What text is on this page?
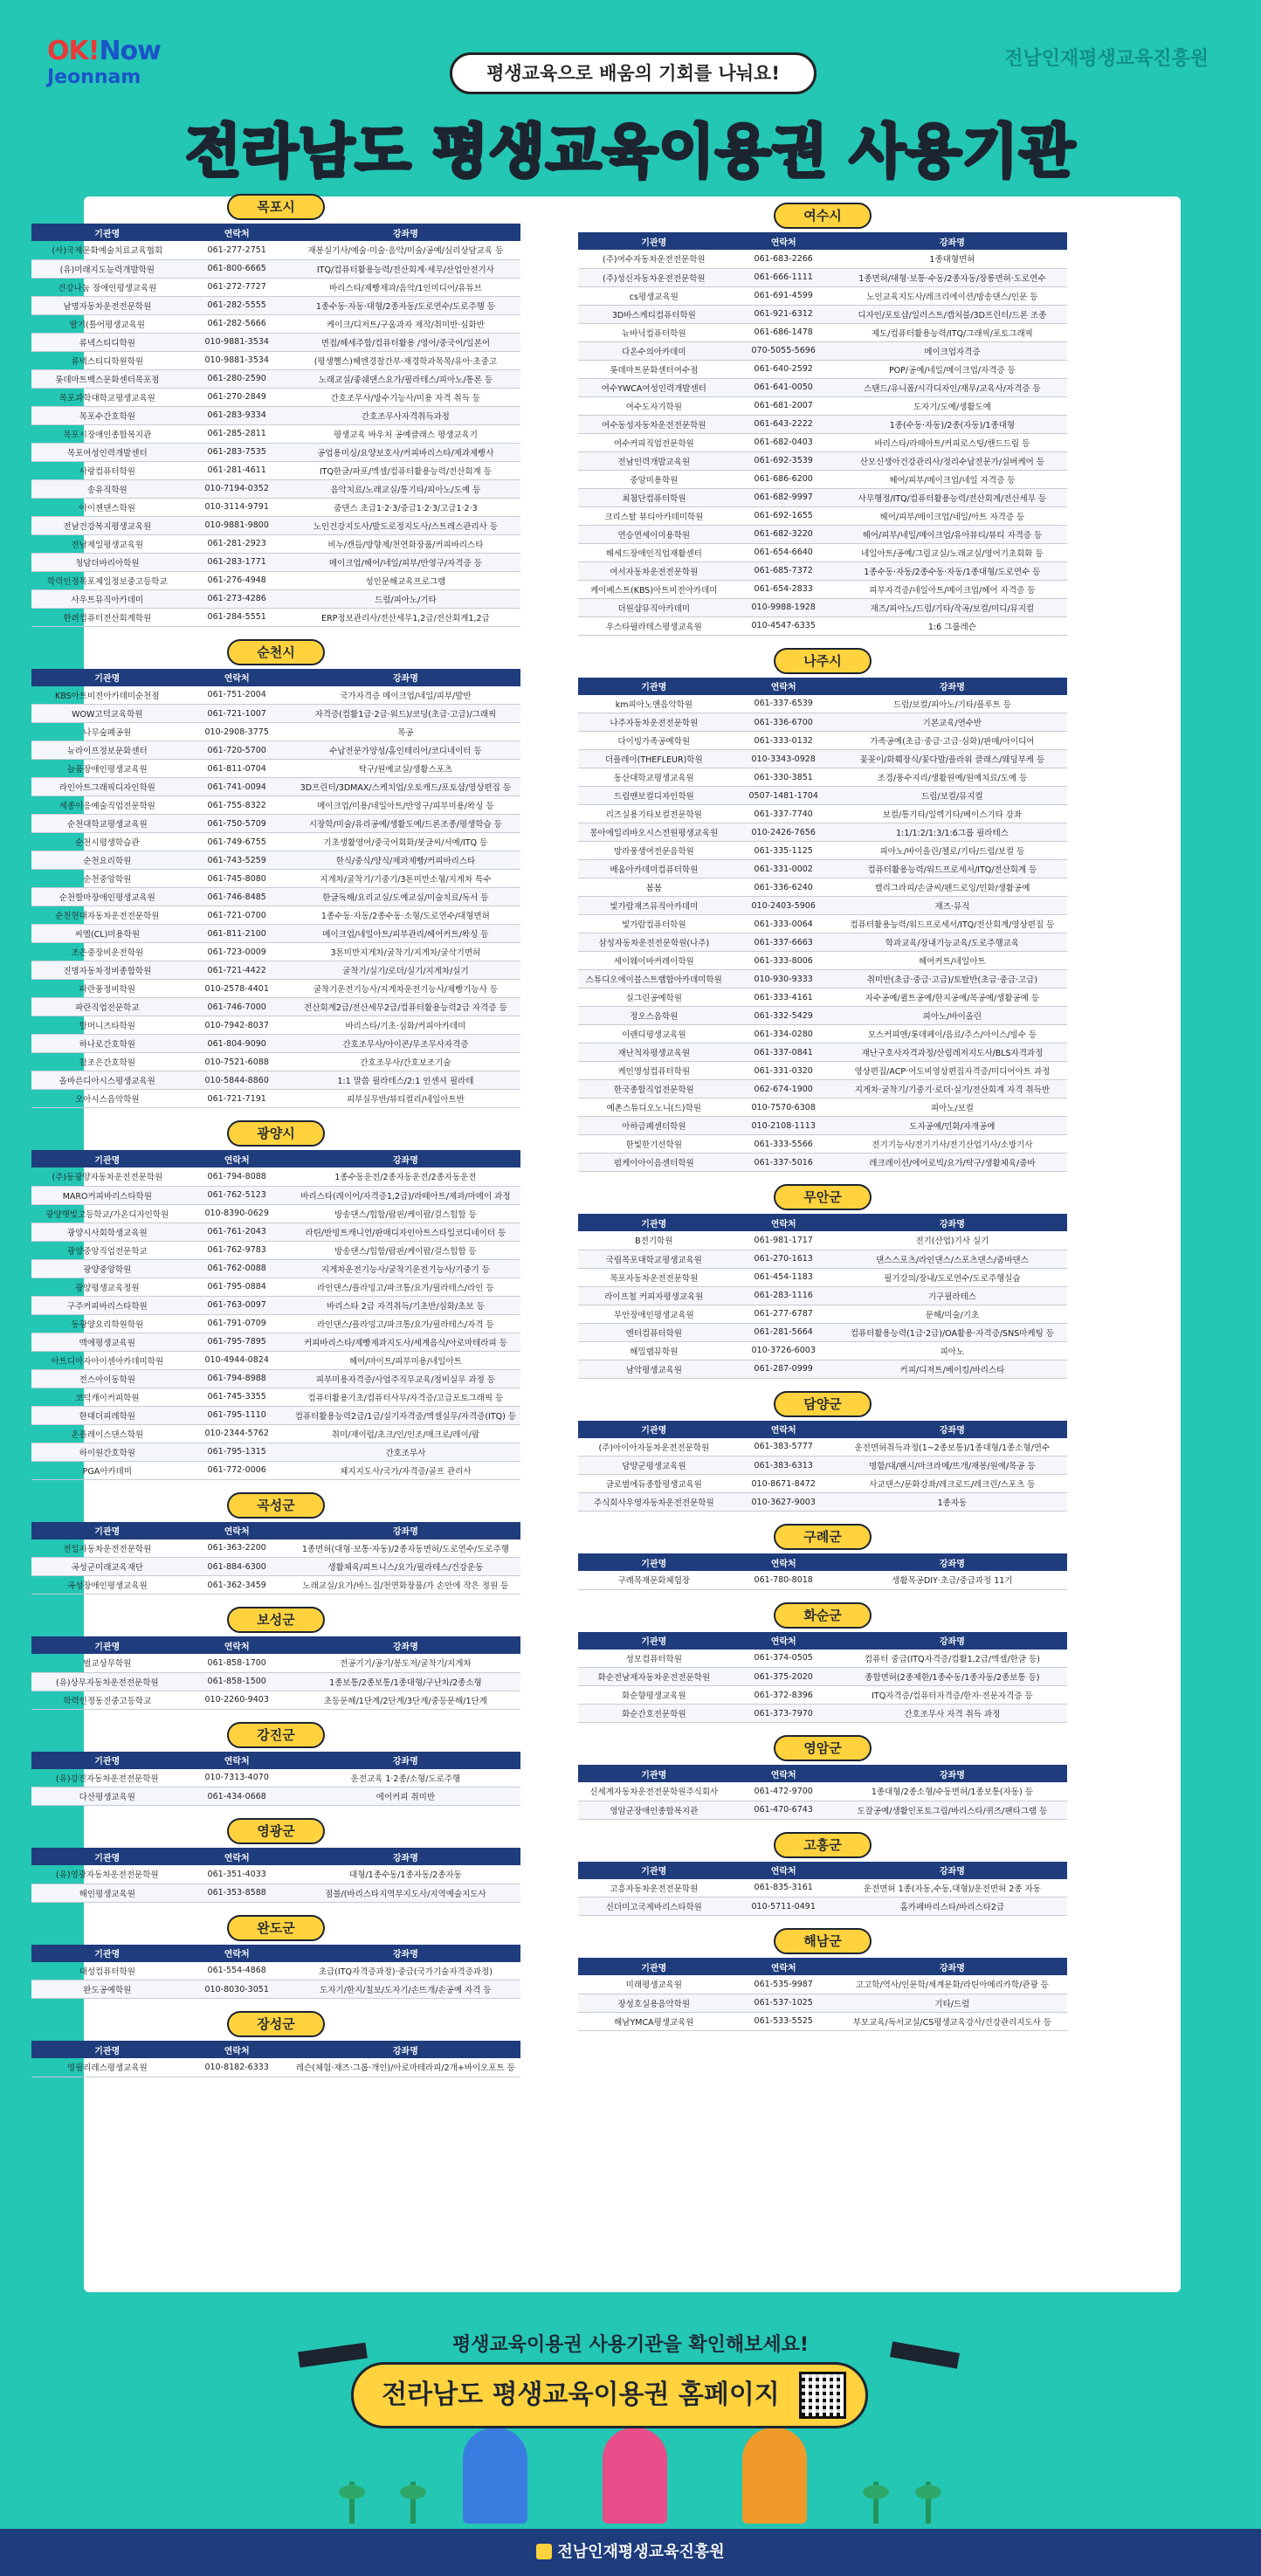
OK!Now
Jeonnam
전남인재평생교육진흥원
평생교육으로 배움의 기회를 나눠요!
전라남도 평생교육이용권 사용기관
목포시
기관명	연락처	강좌명
(사)국제문화예술치료교육협회	061-277-2751	재봉실기사/예술·미술·음악/미술/공예/심리상담교육 등
(유)미래지도능력개발학원	061-800-6665	ITQ/컴퓨터활용능력/전산회계·세무/산업안전기사
건강나눔 장애인평생교육원	061-272-7727	바리스타/제빵제과/음악/1인미디어/유튜브
남명자동차운전전문학원	061-282-5555	1종수동·자동·대형/2종자동/도로연수/도로주행 등
딸기(틀어평생교육원	061-282-5666	케이크/디저트/구움과자 제작/취미반·심화반
류넥스티디학원	010-9881-3534	면접/헤세주합/컴퓨터활용 /영어/중국어/일본어
류넥스티디학원학원	010-9881-3534	(평생헬스)헤엔경찰간부·재경학과목목/유아·초중고
롯데마트백스문화센터목포점	061-280-2590	노래교실/좋쉐댄스요가/필라테스/피아노/통론 등
목포과학대학교평생교육원	061-270-2849	간호조무사/방수기능사/미용 자격 취득 등
목포수간호학원	061-283-9334	간호조무사자격취득과정
목포시장애인종합복지관	061-285-2811	평생교육 바우처 공예클래스 평생교육기
목포여성인력개발센터	061-283-7535	공업용미싱/요양보호사/커피바리스타/제과제빵사
사랑컴퓨터학원	061-281-4611	ITQ한글/파포/엑셀/컴퓨터활용능력/전산회계 등
송유직학원	010-7194-0352	음악치료/노래교실/통기타/피아노/도예 등
아이젠댄스학원	010-3114-9791	줌댄스 초급1·2·3/중급1·2·3/고급1·2·3
전남건강복지평생교육원	010-9881-9800	노인건강지도사/발도로정지도사/스트레스관리사 등
전남제일평생교육원	061-281-2923	비누/캔들/방향제/천연화장품/커피바리스타
청담더바리아학원	061-283-1771	메이크업/헤어/네일/피부/반영구/자격증 등
학력인정목포제일정보중고등학교	061-276-4948	성인문해교육프로그램
사우트뮤직아카데미	061-273-4286	드럼/피아노/기타
한려컴퓨터전산회계학원	061-284-5551	ERP정보관리사/전산세무1,2급/전산회계1,2급
순천시
기관명	연락처	강좌명
KBS아트비전아카데미순천점	061-751-2004	국가자격증 메이크업/네일/피부/발반
WOW고덕교육학원	061-721-1007	자격증(컴활1급·2급·워드)/코딩(초급·고급)/그래픽
나무숲폐공원	010-2908-3775	목공
뉴라이프정보문화센터	061-720-5700	수납전문가양성/홈인테리어/코디네이터 등
늘품장애인평생교육원	061-811-0704	탁구/원예교실/생활스포츠
라인아트그래픽디자인학원	061-741-0094	3D프린터/3DMAX/스케치업/오토캐드/포토샵/영상편집 등
세종이응예술직업전문학원	061-755-8322	메이크업/미용/네일아트/반영구/피부미용/왁싱 등
순천대학교평생교육원	061-750-5709	시장학/미술/유리공예/생활도예/드론조종/평생학습 등
순천시평생학습관	061-749-6755	기초생활영어/중국어회화/붓글씨/서예/ITQ 등
순천요리학원	061-743-5259	한식/중식/양식/제과제빵/커피바리스타
순천중앙학원	061-745-8080	지게차/굴착기/기중기/3톤미만소형/지게차 특수
순천할마장애인평생교육원	061-746-8485	한글독해/요리교실/도예교실/미술치료/독서 등
순천현대자동차운전전문학원	061-721-0700	1종수동·자동/2종수동·소형/도로연수/대형면허
씨엘(CL)미용학원	061-811-2100	메이크업/네일아트/피부관리/헤어커트/왁싱 등
조은중장비운전학원	061-723-0009	3톤미만지게차/굴착기/지게차/굴삭기면허
진명자동차정비종합학원	061-721-4422	굴착기/실기/로더/실기/지게차/실기
파란풍정비학원	010-2578-4401	굴착기운전기능사/지게차운전기능사/제빵기능사 등
파란직업전문학교	061-746-7000	전산회계2급/전산세무2급/컴퓨터활용능력2급 자격증 등
할머니즈타학원	010-7942-8037	바리스타/기초·심화/커피아카데미
하나로간호학원	061-804-9090	간호조무사/아이콘/무조무사자격증
참조은간호학원	010-7521-6088	간호조무사/간호보조기술
올바른디아시스평생교육원	010-5844-8860	1:1 말씀 필라테스/2:1 인센셔 필라테
오아시스음악학원	061-721-7191	피부실무반/뷰티컬리/네일아트반
광양시
기관명	연락처	강좌명
(주)동광양자동차운전전문학원	061-794-8088	1종수동운전/2종자동운전/2종자동운전
MARO커피바리스타학원	061-762-5123	바리스타(레이어/자격증1,2급)/라떼아트/제과/마메이 과정
광양햇빛고등학교/가온디자인학원	010-8390-0629	방송댄스/힙합/팝핀/케이팝/걸스힙합 등
광양시사회학생교육원	061-761-2043	라틴/반빙트캐니언/판매디자인아트스타일코디네이터 등
광양중앙직업전문학교	061-762-9783	방송댄스/힙합/팝핀/케이팝/걸스힙합 등
광양중앙학원	061-762-0088	지게차운전기능사/굴착기운전기능사/기중기 등
광양평생교육정원	061-795-0884	라인댄스/플라밍고/파크통/요가/필라테스/라인 등
구주커피바리스타학원	061-763-0097	바리스타 2급 자격취득/기초반/심화/초보 등
동광양요리학원학원	061-791-0709	라인댄스/플라밍고/파크통/요가/필라테스/자격 등
맥에평생교육원	061-795-7895	커피바리스타/제빵제과지도사/세계음식/아로마테라피 등
아트디아자아이센아카데미학원	010-4944-0824	헤어/마이트/피부미용/네일아트
전스아이동학원	061-794-8988	피부미용자격증/사업주직무교육/정비실무 과정 등
코덕캐이커피학원	061-745-3355	컴퓨터활용기초/컴퓨터사무/자격증/고급포토그래픽 등
한대더피레학원	061-795-1110	컴퓨터활용능력2급/1급/실기자격증/엑셀실무/자격증(ITQ) 등
온플레이스댄스학원	010-2344-5762	취미/재이펍/초크/인/인조/매크로/레이/팝
하이원간호학원	061-795-1315	간호조무사
PGA아카데미	061-772-0006	체지지도사/국가/자격증/골프 관리사
곡성군
기관명	연락처	강좌명
전일자동차운전전문학원	061-363-2200	1종면허(대형·보통·자동)/2종자동면허/도로연수/도로주행
곡성군미래교육재단	061-884-6300	생활체육/피트니스/요가/필라테스/건강운동
곡성장애인평생교육원	061-362-3459	노래교실/요가/바느질/천연화장품/가 손안에 작은 정원 등
보성군
기관명	연락처	강좌명
벌교상무학원	061-858-1700	전공기기/공기/봉도저/굴착기/지게차
(유)상무자동차운전전문학원	061-858-1500	1종보통/2종보통/1종대형/구난차/2종소형
학력인정동진중고등학교	010-2260-9403	초등문해/1단계/2단계/3단계/중등문해/1단계
강진군
기관명	연락처	강좌명
(유)강진자동차운전전문학원	010-7313-4070	운전교육 1·2종/소형/도로주행
다산평생교육원	061-434-0668	에어커피 취미반
영광군
기관명	연락처	강좌명
(유)영광자동차운전전문학원	061-351-4033	대형/1종수동/1종자동/2종자동
해인평생교육원	061-353-8588	점볼/(바리스타지역부지도사/지역예술지도사
완도군
기관명	연락처	강좌명
대성컴퓨터학원	061-554-4868	초급(ITQ자격증과정)·중급(국가기술자격증과정)
완도공예학원	010-8030-3051	도자기/한지/칠보/도자기/손뜨개/손공예 자격 등
장성군
기관명	연락처	강좌명
영필리레스평생교육원	010-8182-6333	레슨(체험·재즈·그룹·개인)/아로마테라피/2개+바이오포트 등
여수시
기관명	연락처	강좌명
(주)여수자동차운전전문학원	061-683-2266	1종대형면허
(주)성신자동차운전전문학원	061-666-1111	1종면허/대형·보통·수동/2종자동/장롱면허·도로연수
cs평생교육원	061-691-4599	노인교육지도사/레크리에이션/방송댄스/인문 등
3D바스케티컴퓨터학원	061-921-6312	디자인/포토샵/일러스트/캡처블/3D프린터/드론 조종
뉴바닉컴퓨터학원	061-686-1478	제도/컴퓨터활용능력/ITQ/그래픽/포토그래픽
다온수의아카데미	070-5055-5696	메이크업자격증
롯데마트문화센터여수점	061-640-2592	POP/공예/네일/메이크업/자격증 등
여수YWCA여성인력개발센터	061-641-0050	스탠드/유니폼/시각디자인/재무/교육사/자격증 등
여수도자기학원	061-681-2007	도자기/도예/생활도예
여수동성자동차운전전문학원	061-643-2222	1종(수동·자동)/2종(자동)/1종대형
여수커피직업전문학원	061-682-0403	바리스타/라떼아트/커피로스팅/핸드드립 등
전남인력개발교육원	061-692-3539	산모신생아건강관리사/정리수납전문가/실버케어 등
중앙미용학원	061-686-6200	헤어/피부/메이크업/네일 자격증 등
최첨단컴퓨터학원	061-682-9997	사무행정/ITQ/컴퓨터활용능력/전산회계/전산세무 등
크리스탈 뷰티아카데미학원	061-692-1655	헤어/피부/메이크업/네일/아트 자격증 등
연승연세이미용학원	061-682-3220	헤어/피부/네일/메이크업/유아뷰티/뷰티 자격증 등
해세드장애인직업재활센터	061-654-6640	네일아트/공예/그림교실/노래교실/영어기초회화 등
여서자동차운전전문학원	061-685-7372	1종수동·자동/2종수동·자동/1종대형/도로연수 등
케이베스트(KBS)아트비전아카데미	061-654-2833	피부자격증/네일아트/메이크업/헤어 자격증 등
더원샵뮤직아카데미	010-9988-1928	재즈/피아노/드럼/기타/작곡/보컬/미디/뮤지컬
우스타필라테스평생교육원	010-4547-6335	1:6 그룹레슨
나주시
기관명	연락처	강좌명
km피아노앤음악학원	061-337-6539	드럼/보컬/피아노/기타/플루트 등
나주자동차운전전문학원	061-336-6700	기본교육/연수반
다이빙가족공예학원	061-333-0132	가족공예(초급·중급·고급·심화)/판매/아이디어
더플레이(THEFLEUR)학원	010-3343-0928	꽃꽂이/화훼장식/꽃다발/플라워 클래스/웨딩부케 등
동산대학교평생교육원	061-330-3851	조경/풍수지리/생활원예/원예치료/도예 등
드림앤보컬디자인학원	0507-1481-1704	드림/보컬/뮤지컬
리즈실용기타보컬전문학원	061-337-7740	보컬/통기타/일렉기타/베이스기타 강좌
몽아에일리바오시스전원평생교육원	010-2426-7656	1:1/1:2/1:3/1:6그룹 필라테스
망라풍생여전문음학원	061-335-1125	피아노/바이올린/첼로/기타/드럼/보컬 등
배움아카데미컴퓨터학원	061-331-0002	컴퓨터활용능력/워드프로세서/ITQ/전산회계 등
봄봄	061-336-6240	캘리그라피/손글씨/펜드로잉/민화/생활공예
빛가람재즈뮤직아카데미	010-2403-5906	재즈·뮤직
빛가람컴퓨터학원	061-333-0064	컴퓨터활용능력/워드프로세서/ITQ/전산회계/영상편집 등
삼성자동차운전전문학원(나주)	061-337-6663	학과교육/장내기능교육/도로주행교육
세이웨이바커레이학원	061-333-8006	헤어커트/네일아트
스튜디오에이블스트랩합아카데미학원	010-930-9333	취미반(초급·중급·고급)/토탈반(초급·중급·고급)
실그린공예학원	061-333-4161	자수공예/퀼트공예/한지공예/목공예/생활공예 등
정오스음학원	061-332-5429	피아노/바이올린
이랜디평생교육원	061-334-0280	모스커피앤/롯데페이/음료/주스/아이스/빙수 등
재난척자평생교육원	061-337-0841	재난구호사자격과정/산림레저지도사/BLS자격과정
케인영성컴퓨터학원	061-331-0320	영상편집/ACP·어도비영상편집자격증/미디어아트 과정
한국종합직업전문학원	062-674-1900	지게차·굴착기/기중기·로더·실기/전산회계 자격 취득반
예촌스튜디오노니(드)학원	010-7570-6308	피아노/보컬
아하급폐센터학원	010-2108-1113	도자공예/민화/자개공예
한빛한기선학원	061-333-5566	전기기능사/전기기사/전기산업기사/소방기사
펌케이아이음센터학원	061-337-5016	레크레이션/에어로빅/요가/탁구/생활체육/줌바
무안군
기관명	연락처	강좌명
B전기학원	061-981-1717	전기(산업)기사 실기
국립목포대학교평생교육원	061-270-1613	댄스스포츠/라인댄스/스포츠댄스/줌바댄스
목포자동차운전전문학원	061-454-1183	필기강의/장내/도로연수/도로주행실습
라이프철 커피자평생교육원	061-283-1116	기구필라테스
무안장애인평생교육원	061-277-6787	문해/미술/기초
엔터컴퓨터학원	061-281-5664	컴퓨터활용능력(1급·2급)/OA활용·자격증/SNS마케팅 등
해밀랩뮤학원	010-3726-6003	피아노
남악평생교육원	061-287-0999	커피/디저트/베이킹/바리스타
담양군
기관명	연락처	강좌명
(주)아이아자동차운전전문학원	061-383-5777	운전면허취득과정(1~2종보통)/1종대형/1종소형/연수
담양군평생교육원	061-383-6313	명함/대/팬시/마크라메/뜨개/재봉/원예/목공 등
글로벌에듀종합평생교육원	010-8671-8472	사교댄스/문화강좌/레크로드/레크린/스포츠 등
주식회사우영자동차운전전문학원	010-3627-9003	1종자동
구례군
기관명	연락처	강좌명
구례목재문화체험장	061-780-8018	생활목공DIY·초급/중급과정 11기
화순군
기관명	연락처	강좌명
성모컴퓨터학원	061-374-0505	컴퓨터 중급(ITQ자격증/컴활1,2급/엑셀/한글 등)
화순전남제자동차운전전문학원	061-375-2020	종합면허(2종제한/1종수동/1종자동/2종보통 등)
화순향평생교육원	061-372-8396	ITQ자격증/컴퓨터자격증/한자·전문자격증 등
화순간호전문학원	061-373-7970	간호조무사 자격 취득 과정
영암군
기관명	연락처	강좌명
신세계자동차운전전문학원주식회사	061-472-9700	1종대형/2종소형/수동면허/1종보통(자동) 등
영암군장애인종합복지관	061-470-6743	도잘공예/생활인포토그림/바리스타/퀴즈/팬타그램 등
고흥군
기관명	연락처	강좌명
고흥자동차운전전문학원	061-835-3161	운전면허 1종(자동,수동,대형)/운전면허 2종 자동
신더미고국제바리스타학원	010-5711-0491	홈카페바리스타/바리스타2급
해남군
기관명	연락처	강좌명
미래평생교육원	061-535-9987	고고학/역사/인문학/세계문화/라틴아메리카학/관광 등
장성호실용음악학원	061-537-1025	기타/드럼
해남YMCA평생교육원	061-533-5525	부모교육/독서교실/CS평생교육강사/건강관리지도사 등
평생교육이용권 사용기관을 확인해보세요!
전라남도 평생교육이용권 홈페이지
전남인재평생교육진흥원
